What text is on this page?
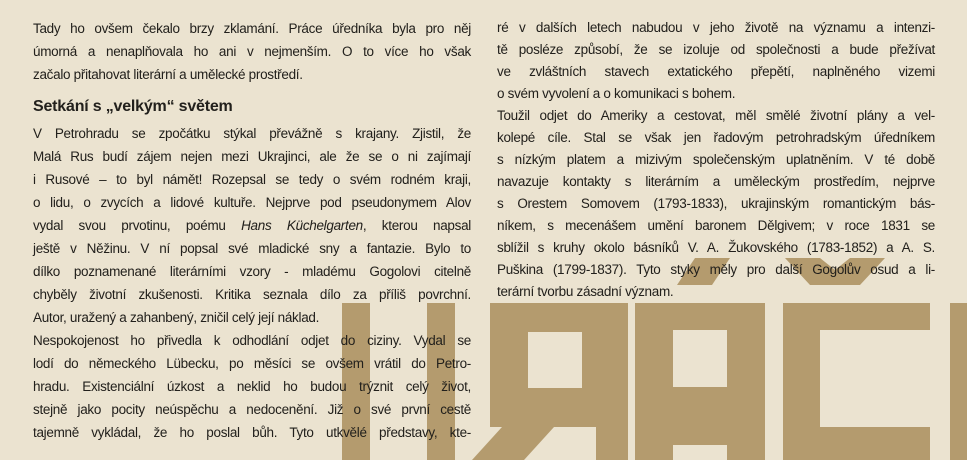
Tady ho ovšem čekalo brzy zklamání. Práce úředníka byla pro něj
úmorná a nenaplňovala ho ani v nejmenším. O to více ho však
začalo přitahovat literární a umělecké prostředí.
Setkání s „velkým“ světem
V Petrohradu se zpočátku stýkal převážně s krajany. Zjistil, že
Malá Rus budí zájem nejen mezi Ukrajinci, ale že se o ni zajímají
i Rusové – to byl námět! Rozepsal se tedy o svém rodném kraji,
o lidu, o zvycích a lidové kultuře. Nejprve pod pseudonymem Alov
vydal svou prvotinu, poému Hans Küchelgarten, kterou napsal
ještě v Něžinu. V ní popsal své mladické sny a fantazie. Bylo to
dílko poznamenané literárními vzory - mladému Gogolovi citelně
chyběly životní zkušenosti. Kritika seznala dílo za příliš povrchní.
Autor, uražený a zahanbený, zničil celý její náklad.
Nespokojenost ho přivedla k odhodlání odjet do ciziny. Vydal se
lodí do německého Lübecku, po měsíci se ovšem vrátil do Petro-
hradu. Existenciální úzkost a neklid ho budou trýznit celý život,
stejně jako pocity neúspěchu a nedocenění. Již o své první cestě
tajemně vykládal, že ho poslal bůh. Tyto utkvělé představy, kte-
ré v dalších letech nabudou v jeho životě na významu a intenzi-
tě posléze způsobí, že se izoluje od společnosti a bude přežívat
ve zvláštních stavech extatického přepětí, naplněného vizemi
o svém vyvolení a o komunikaci s bohem.
Toužil odjet do Ameriky a cestovat, měl smělé životní plány a vel-
kolepé cíle. Stal se však jen řadovým petrohradským úředníkem
s nízkým platem a mizivým společenským uplatněním. V té době
navazuje kontakty s literárním a uměleckým prostředím, nejprve
s Orestem Somovem (1793-1833), ukrajinským romantickým bás-
níkem, s mecenášem umění baronem Dělgivem; v roce 1831 se
sblížil s kruhy okolo básníků V. A. Žukovského (1783-1852) a A. S.
Puškina (1799-1837). Tyto styky měly pro další Gogolův osud a li-
terární tvorbu zásadní význam.
